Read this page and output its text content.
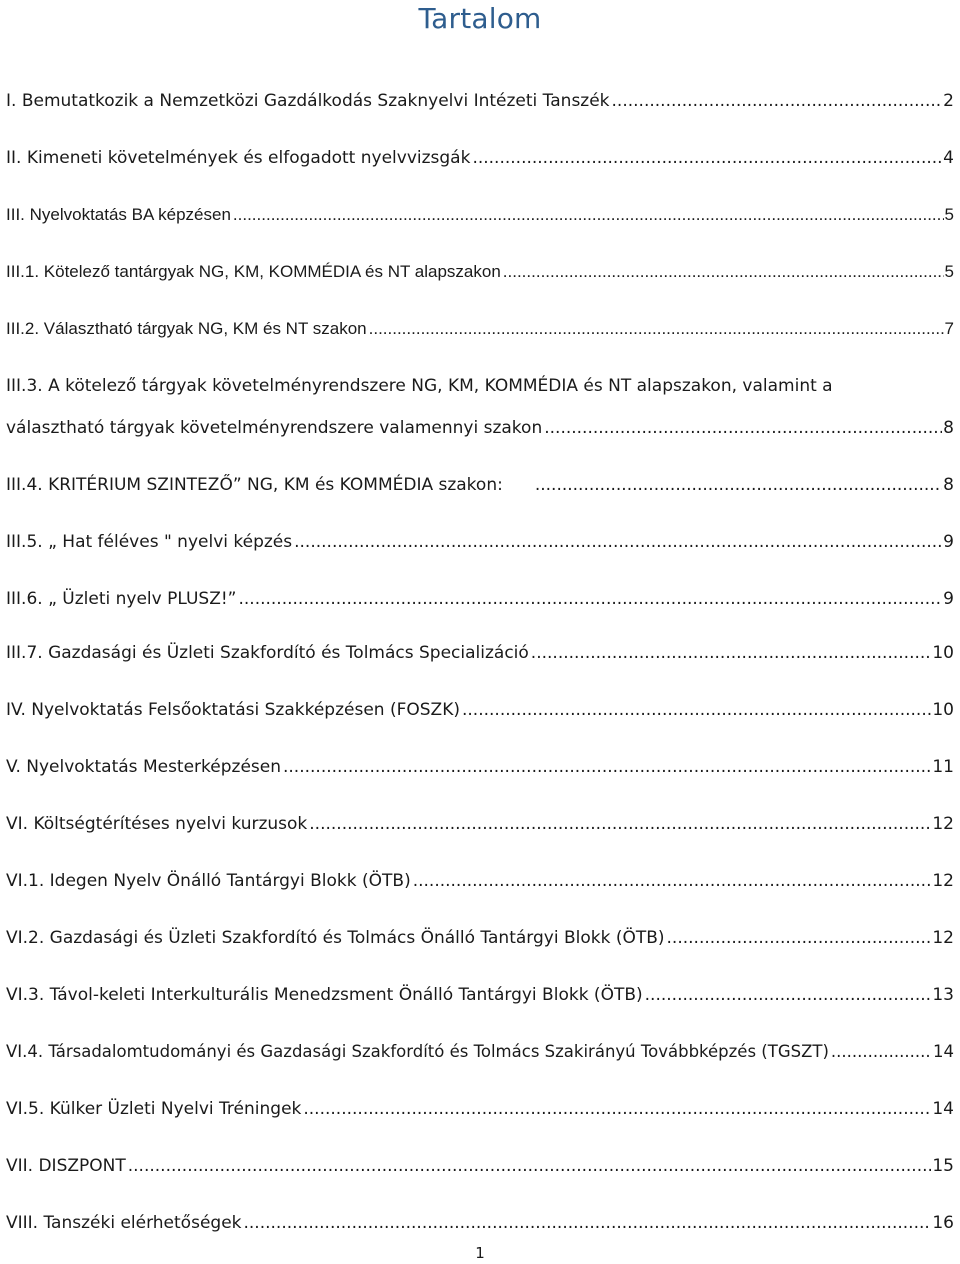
Tartalom
I. Bemutatkozik a Nemzetközi Gazdálkodás Szaknyelvi Intézeti Tanszék .....	2
II. Kimeneti követelmények és elfogadott nyelvvizsgák .....	4
III. Nyelvoktatás BA képzésen .....	5
III.1. Kötelező tantárgyak NG, KM, KOMMÉDIA és NT alapszakon .....	5
III.2. Választható tárgyak NG, KM és NT szakon .....	7
III.3. A kötelező tárgyak követelményrendszere NG, KM, KOMMÉDIA és NT alapszakon, valamint a
választható tárgyak követelményrendszere valamennyi szakon .....	8
III.4. KRITÉRIUM SZINTEZŐ” NG, KM és KOMMÉDIA szakon: .....	8
III.5. „ Hat féléves " nyelvi képzés .....	9
III.6. „ Üzleti nyelv PLUSZ!” .....	9
III.7. Gazdasági és Üzleti Szakfordító és Tolmács Specializáció .....	10
IV. Nyelvoktatás Felsőoktatási Szakképzésen (FOSZK) .....	10
V. Nyelvoktatás Mesterképzésen .....	11
VI. Költségtérítéses nyelvi kurzusok .....	12
VI.1. Idegen Nyelv Önálló Tantárgyi Blokk (ÖTB) .....	12
VI.2. Gazdasági és Üzleti Szakfordító és Tolmács Önálló Tantárgyi Blokk (ÖTB) .....	12
VI.3. Távol-keleti Interkulturális Menedzsment Önálló Tantárgyi Blokk (ÖTB) .....	13
VI.4. Társadalomtudományi és Gazdasági Szakfordító és Tolmács Szakirányú Továbbképzés (TGSZT) .....	14
VI.5. Külker Üzleti Nyelvi Tréningek .....	14
VII. DISZPONT .....	15
VIII. Tanszéki elérhetőségek .....	16
1
